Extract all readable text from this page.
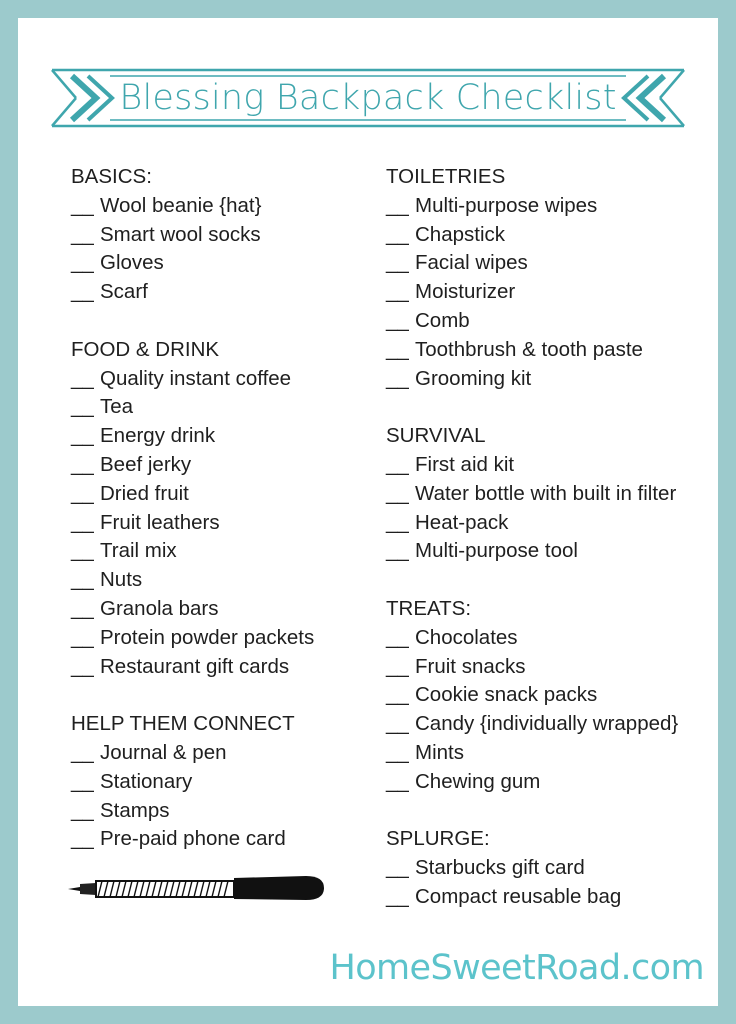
Blessing Backpack Checklist
BASICS:
__ Wool beanie {hat}
__ Smart wool socks
__ Gloves
__ Scarf
FOOD & DRINK
__ Quality instant coffee
__ Tea
__ Energy drink
__ Beef jerky
__ Dried fruit
__ Fruit leathers
__ Trail mix
__ Nuts
__ Granola bars
__ Protein powder packets
__ Restaurant gift cards
HELP THEM CONNECT
__ Journal & pen
__ Stationary
__ Stamps
__ Pre-paid phone card
TOILETRIES
__ Multi-purpose wipes
__ Chapstick
__ Facial wipes
__ Moisturizer
__ Comb
__ Toothbrush & tooth paste
__ Grooming kit
SURVIVAL
__ First aid kit
__ Water bottle with built in filter
__ Heat-pack
__ Multi-purpose tool
TREATS:
__ Chocolates
__ Fruit snacks
__ Cookie snack packs
__ Candy {individually wrapped}
__ Mints
__ Chewing gum
SPLURGE:
__ Starbucks gift card
__ Compact reusable bag
HomeSweetRoad.com
